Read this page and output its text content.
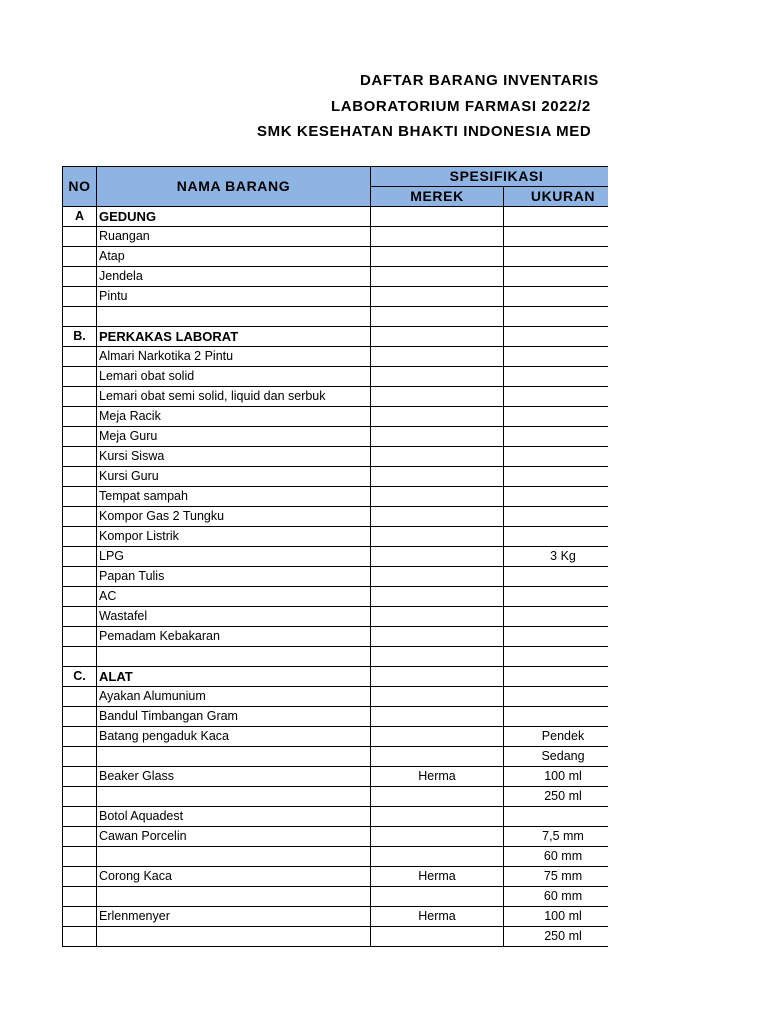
DAFTAR BARANG INVENTARIS
LABORATORIUM FARMASI 2022/2
SMK KESEHATAN BHAKTI INDONESIA MED
NO	NAMA BARANG	SPESIFIKASI	
		MEREK	UKURAN
A	GEDUNG		
	Ruangan		
	Atap		
	Jendela		
	Pintu		

B.	PERKAKAS LABORAT		
	Almari Narkotika 2 Pintu		
	Lemari obat solid		
	Lemari obat semi solid, liquid dan serbuk		
	Meja Racik		
	Meja Guru		
	Kursi Siswa		
	Kursi Guru		
	Tempat sampah		
	Kompor Gas 2 Tungku		
	Kompor Listrik		
	LPG		3 Kg
	Papan Tulis		
	AC		
	Wastafel		
	Pemadam Kebakaran		

C.	ALAT		
	Ayakan Alumunium		
	Bandul Timbangan Gram		
	Batang pengaduk Kaca		Pendek
			Sedang
	Beaker Glass	Herma	100 ml
			250 ml
	Botol Aquadest		
	Cawan Porcelin		7,5 mm
			60 mm
	Corong Kaca	Herma	75 mm
			60 mm
	Erlenmenyer	Herma	100 ml
			250 ml
